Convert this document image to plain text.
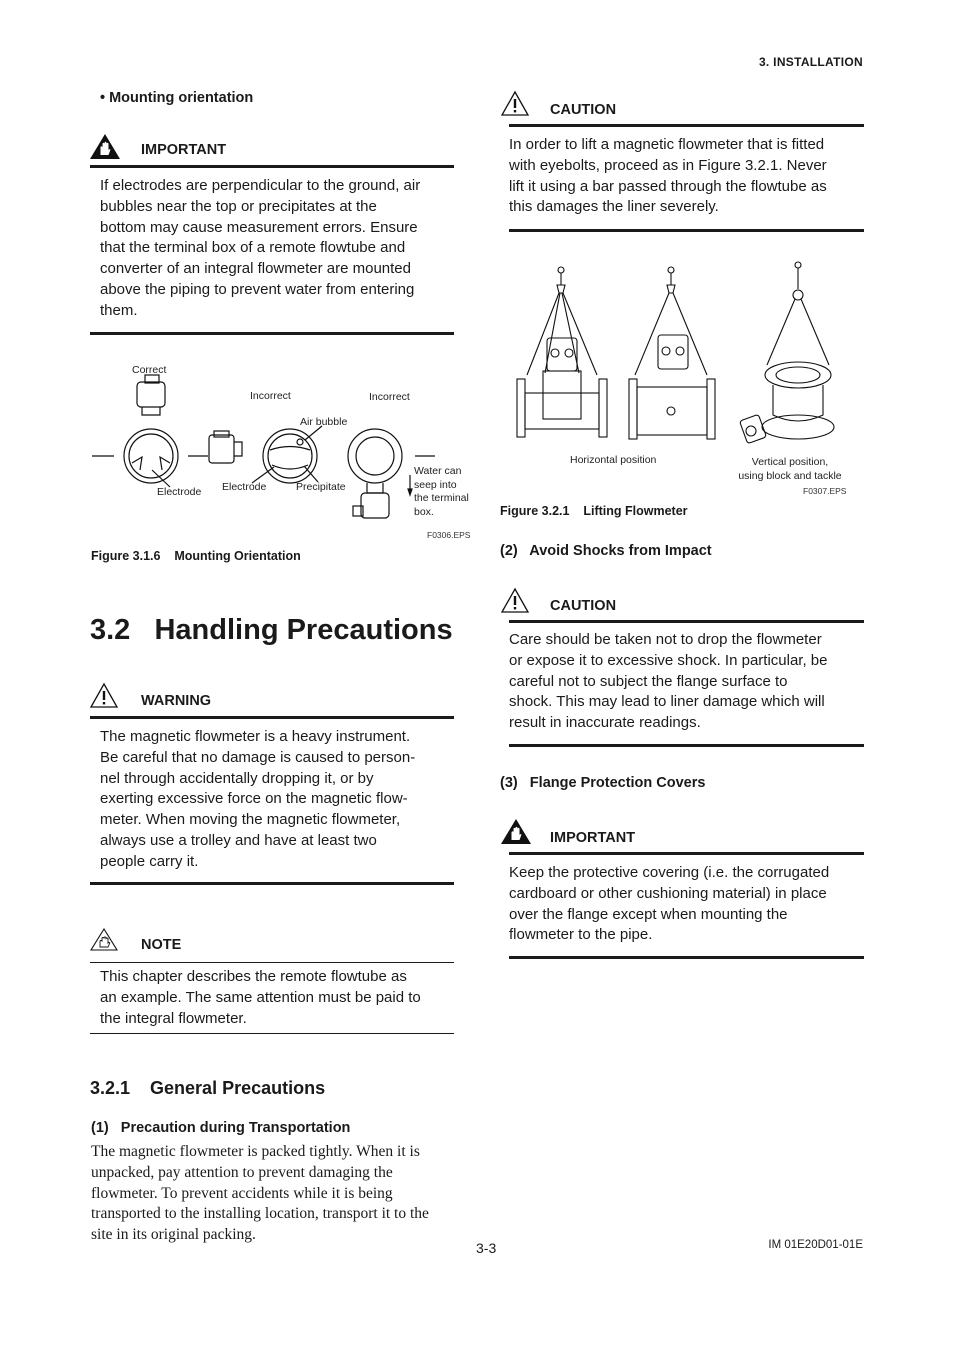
3. INSTALLATION
• Mounting orientation
IMPORTANT
If electrodes are perpendicular to the ground, air
bubbles near the top or precipitates at the
bottom may cause measurement errors. Ensure
that the terminal box of a remote flowtube and
converter of an integral flowmeter are mounted
above the piping to prevent water from entering
them.
Correct
Incorrect	Incorrect
Air bubble
Electrode Electrode	Precipitate
Water can
seep into
the terminal
box.
F0306.EPS
Figure 3.1.6    Mounting Orientation
3.2   Handling Precautions
WARNING
The magnetic flowmeter is a heavy instrument.
Be careful that no damage is caused to person-
nel through accidentally dropping it, or by
exerting excessive force on the magnetic flow-
meter. When moving the magnetic flowmeter,
always use a trolley and have at least two
people carry it.
NOTE
This chapter describes the remote flowtube as
an example. The same attention must be paid to
the integral flowmeter.
3.2.1    General Precautions
(1)   Precaution during Transportation
The magnetic flowmeter is packed tightly. When it is
unpacked, pay attention to prevent damaging the
flowmeter. To prevent accidents while it is being
transported to the installing location, transport it to the
site in its original packing.
CAUTION
In order to lift a magnetic flowmeter that is fitted
with eyebolts, proceed as in Figure 3.2.1. Never
lift it using a bar passed through the flowtube as
this damages the liner severely.
Horizontal position	Vertical position,
using block and tackle
F0307.EPS
Figure 3.2.1    Lifting Flowmeter
(2)   Avoid Shocks from Impact
CAUTION
Care should be taken not to drop the flowmeter
or expose it to excessive shock. In particular, be
careful not to subject the flange surface to
shock. This may lead to liner damage which will
result in inaccurate readings.
(3)   Flange Protection Covers
IMPORTANT
Keep the protective covering (i.e. the corrugated
cardboard or other cushioning material) in place
over the flange except when mounting the
flowmeter to the pipe.
3-3	IM 01E20D01-01E
